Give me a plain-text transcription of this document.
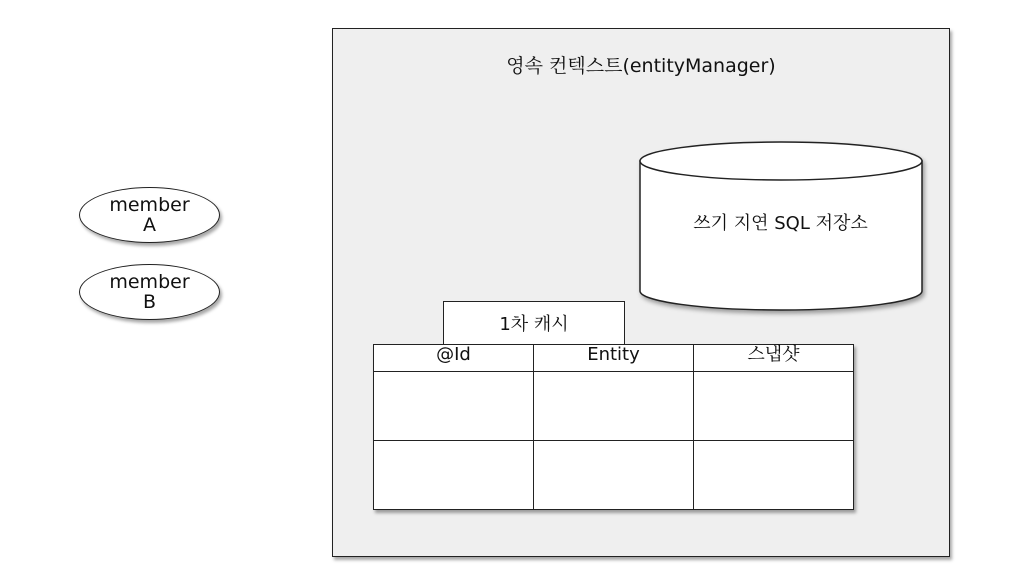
member
A
member
B
영속 컨텍스트(entityManager)
쓰기 지연 SQL 저장소
1차 캐시
@Id	Entity	스냅샷
